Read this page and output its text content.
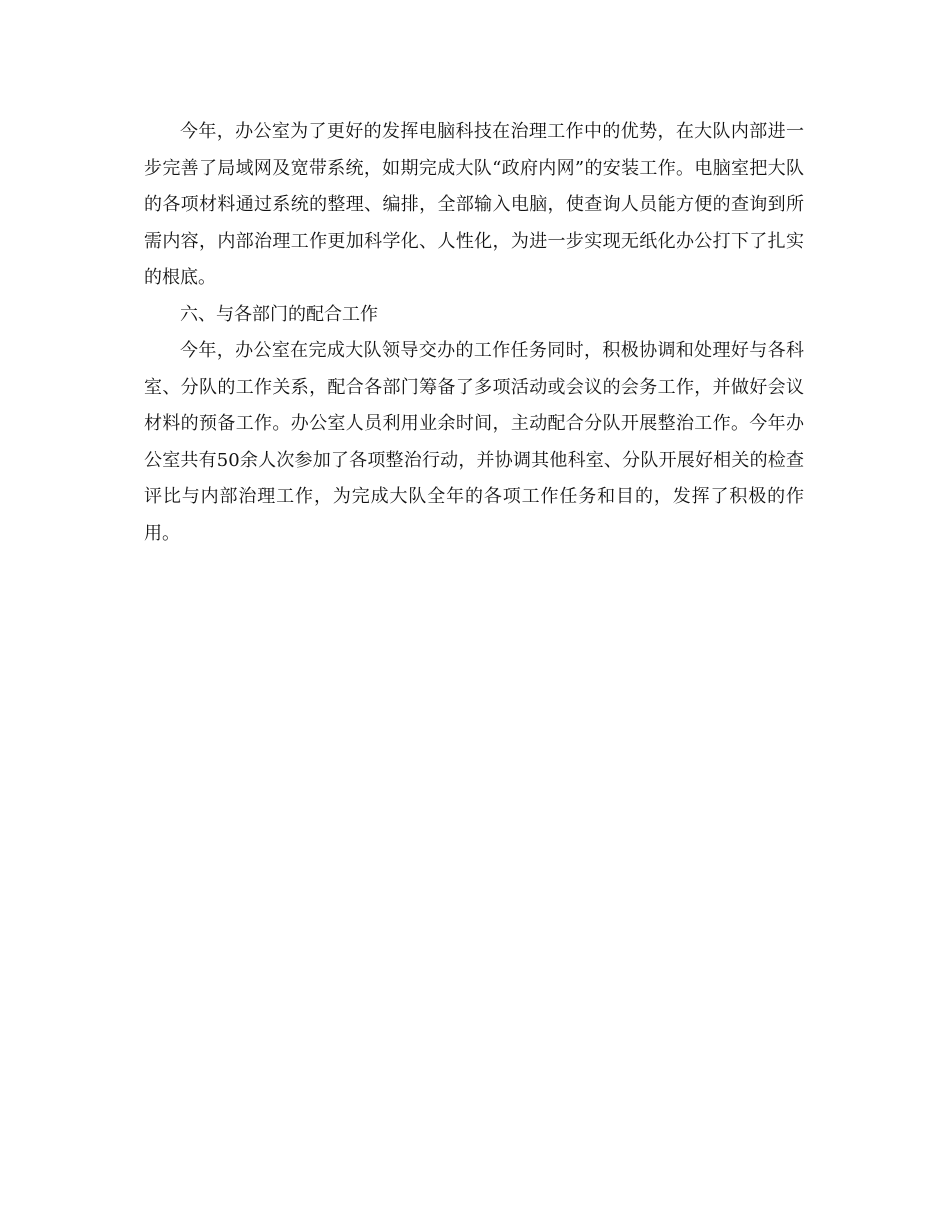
今年，办公室为了更好的发挥电脑科技在治理工作中的优势，在大队内部进一步完善了局域网及宽带系统，如期完成大队“政府内网”的安装工作。电脑室把大队的各项材料通过系统的整理、编排，全部输入电脑，使查询人员能方便的查询到所需内容，内部治理工作更加科学化、人性化，为进一步实现无纸化办公打下了扎实的根底。

六、与各部门的配合工作

今年，办公室在完成大队领导交办的工作任务同时，积极协调和处理好与各科室、分队的工作关系，配合各部门筹备了多项活动或会议的会务工作，并做好会议材料的预备工作。办公室人员利用业余时间，主动配合分队开展整治工作。今年办公室共有50余人次参加了各项整治行动，并协调其他科室、分队开展好相关的检查评比与内部治理工作，为完成大队全年的各项工作任务和目的，发挥了积极的作用。
